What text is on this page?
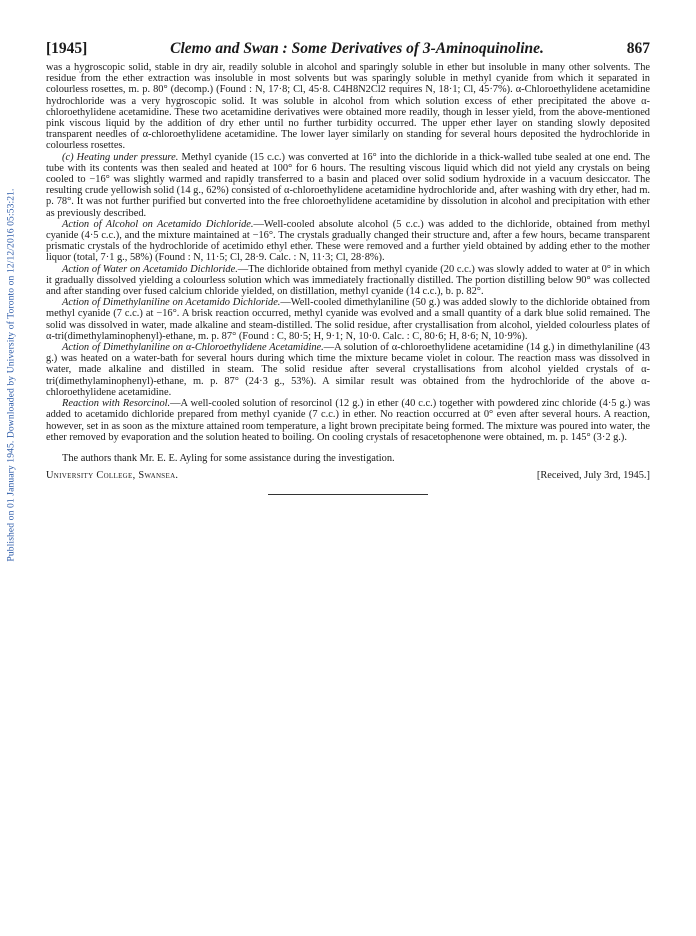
Published on 01 January 1945. Downloaded by University of Toronto on 12/12/2016 05:53:21.
[1945]	Clemo and Swan : Some Derivatives of 3-Aminoquinoline.	867

was a hygroscopic solid, stable in dry air, readily soluble in alcohol and sparingly soluble in ether but insoluble in many other solvents. The residue from the ether extraction was insoluble in most solvents but was sparingly soluble in methyl cyanide from which it separated in colourless rosettes, m. p. 80° (decomp.) (Found : N, 17·8; Cl, 45·8. C4H8N2Cl2 requires N, 18·1; Cl, 45·7%). α-Chloroethylidene acetamidine hydrochloride was a very hygroscopic solid. It was soluble in alcohol from which solution excess of ether precipitated the above α-chloroethylidene acetamidine. These two acetamidine derivatives were obtained more readily, though in lesser yield, from the above-mentioned pink viscous liquid by the addition of dry ether until no further turbidity occurred. The upper ether layer on standing slowly deposited transparent needles of α-chloroethylidene acetamidine. The lower layer similarly on standing for several hours deposited the hydrochloride in colourless rosettes.

(c) Heating under pressure. Methyl cyanide (15 c.c.) was converted at 16° into the dichloride in a thick-walled tube sealed at one end. The tube with its contents was then sealed and heated at 100° for 6 hours. The resulting viscous liquid which did not yield any crystals on being cooled to −16° was slightly warmed and rapidly transferred to a basin and placed over solid sodium hydroxide in a vacuum desiccator. The resulting crude yellowish solid (14 g., 62%) consisted of α-chloroethylidene acetamidine hydrochloride and, after washing with dry ether, had m. p. 78°. It was not further purified but converted into the free chloroethylidene acetamidine by dissolution in alcohol and precipitation with ether as previously described.

Action of Alcohol on Acetamido Dichloride.—Well-cooled absolute alcohol (5 c.c.) was added to the dichloride, obtained from methyl cyanide (4·5 c.c.), and the mixture maintained at −16°. The crystals gradually changed their structure and, after a few hours, became transparent prismatic crystals of the hydrochloride of acetimido ethyl ether. These were removed and a further yield obtained by adding ether to the mother liquor (total, 7·1 g., 58%) (Found : N, 11·5; Cl, 28·9. Calc. : N, 11·3; Cl, 28·8%).

Action of Water on Acetamido Dichloride.—The dichloride obtained from methyl cyanide (20 c.c.) was slowly added to water at 0° in which it gradually dissolved yielding a colourless solution which was immediately fractionally distilled. The portion distilling below 90° was collected and after standing over fused calcium chloride yielded, on distillation, methyl cyanide (14 c.c.), b. p. 82°.

Action of Dimethylaniline on Acetamido Dichloride.—Well-cooled dimethylaniline (50 g.) was added slowly to the dichloride obtained from methyl cyanide (7 c.c.) at −16°. A brisk reaction occurred, methyl cyanide was evolved and a small quantity of a dark blue solid remained. The solid was dissolved in water, made alkaline and steam-distilled. The solid residue, after crystallisation from alcohol, yielded colourless plates of α-tri(dimethylaminophenyl)-ethane, m. p. 87° (Found : C, 80·5; H, 9·1; N, 10·0. Calc. : C, 80·6; H, 8·6; N, 10·9%).

Action of Dimethylaniline on α-Chloroethylidene Acetamidine.—A solution of α-chloroethylidene acetamidine (14 g.) in dimethylaniline (43 g.) was heated on a water-bath for several hours during which time the mixture became violet in colour. The reaction mass was dissolved in water, made alkaline and distilled in steam. The solid residue after several crystallisations from alcohol yielded crystals of α-tri(dimethylaminophenyl)-ethane, m. p. 87° (24·3 g., 53%). A similar result was obtained from the hydrochloride of the above α-chloroethylidene acetamidine.

Reaction with Resorcinol.—A well-cooled solution of resorcinol (12 g.) in ether (40 c.c.) together with powdered zinc chloride (4·5 g.) was added to acetamido dichloride prepared from methyl cyanide (7 c.c.) in ether. No reaction occurred at 0° even after several hours. A reaction, however, set in as soon as the mixture attained room temperature, a light brown precipitate being formed. The mixture was poured into water, the ether removed by evaporation and the solution heated to boiling. On cooling crystals of resacetophenone were obtained, m. p. 145° (3·2 g.).

The authors thank Mr. E. E. Ayling for some assistance during the investigation.

University College, Swansea.	[Received, July 3rd, 1945.]
